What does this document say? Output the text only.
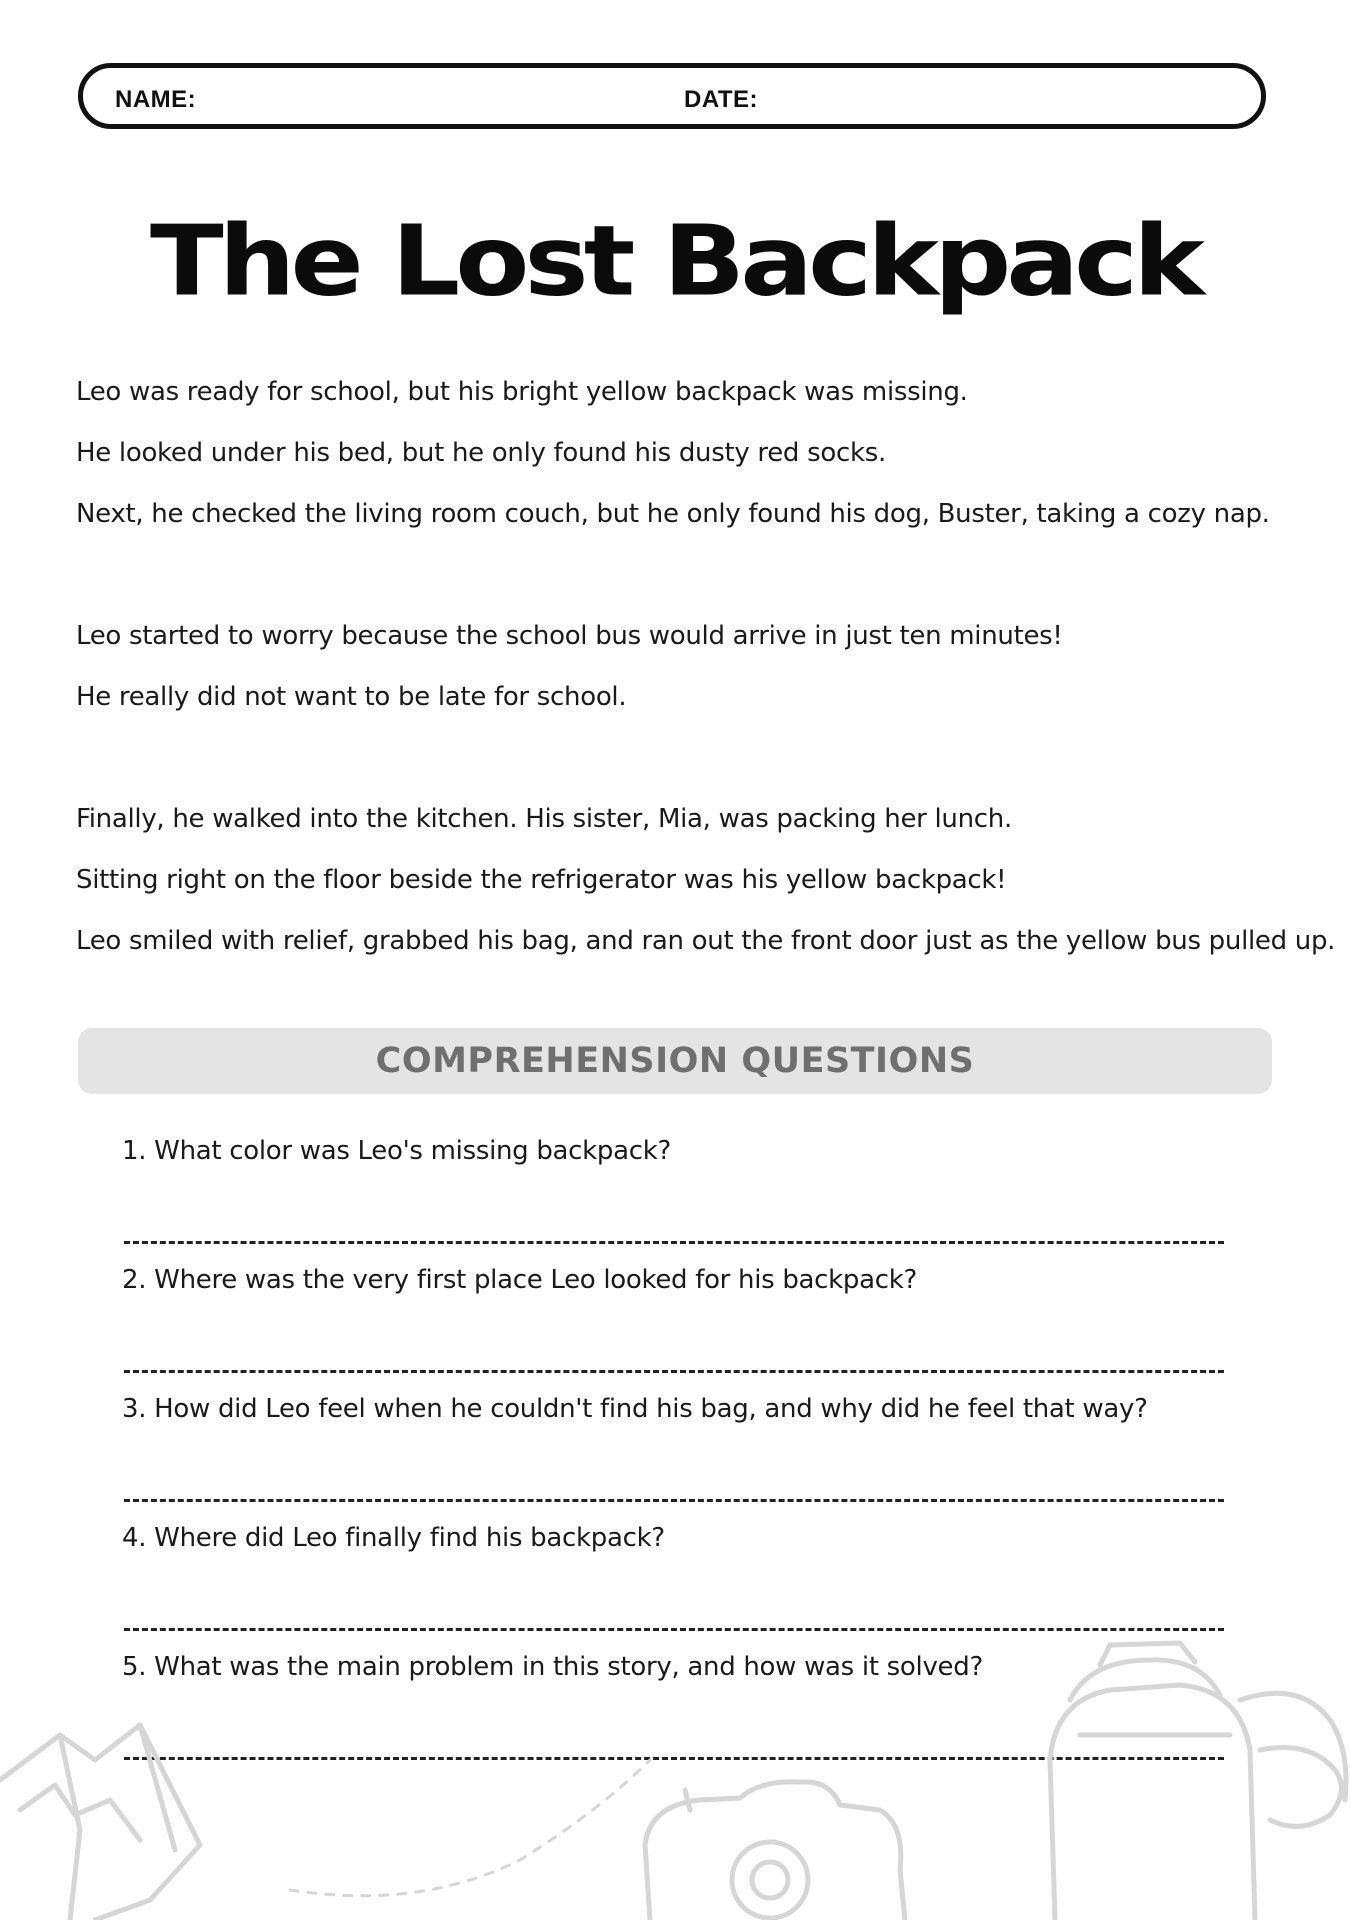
NAME:	DATE:
The Lost Backpack

Leo was ready for school, but his bright yellow backpack was missing.

He looked under his bed, but he only found his dusty red socks.

Next, he checked the living room couch, but he only found his dog, Buster, taking a cozy nap.

Leo started to worry because the school bus would arrive in just ten minutes!

He really did not want to be late for school.

Finally, he walked into the kitchen. His sister, Mia, was packing her lunch.

Sitting right on the floor beside the refrigerator was his yellow backpack!

Leo smiled with relief, grabbed his bag, and ran out the front door just as the yellow bus pulled up.

COMPREHENSION QUESTIONS
1. What color was Leo's missing backpack?
2. Where was the very first place Leo looked for his backpack?
3. How did Leo feel when he couldn't find his bag, and why did he feel that way?
4. Where did Leo finally find his backpack?
5. What was the main problem in this story, and how was it solved?
